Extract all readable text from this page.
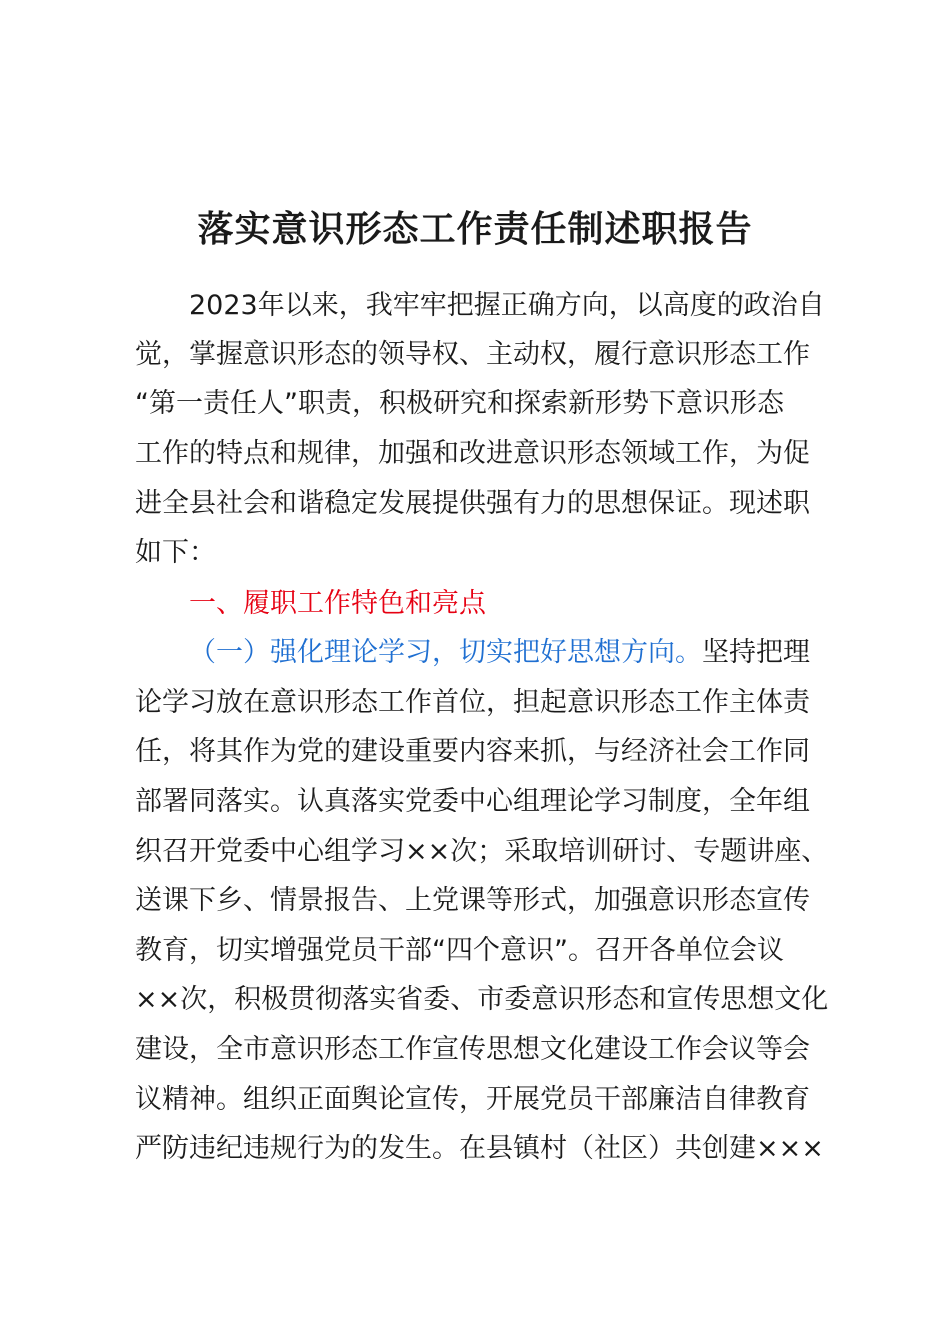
落实意识形态工作责任制述职报告
2023年以来，我牢牢把握正确方向，以高度的政治自
觉，掌握意识形态的领导权、主动权，履行意识形态工作
“第一责任人”职责，积极研究和探索新形势下意识形态
工作的特点和规律，加强和改进意识形态领域工作，为促
进全县社会和谐稳定发展提供强有力的思想保证。现述职
如下：
一、履职工作特色和亮点
（一）强化理论学习，切实把好思想方向。坚持把理
论学习放在意识形态工作首位，担起意识形态工作主体责
任，将其作为党的建设重要内容来抓，与经济社会工作同
部署同落实。认真落实党委中心组理论学习制度，全年组
织召开党委中心组学习××次；采取培训研讨、专题讲座、
送课下乡、情景报告、上党课等形式，加强意识形态宣传
教育，切实增强党员干部“四个意识”。召开各单位会议
××次，积极贯彻落实省委、市委意识形态和宣传思想文化
建设，全市意识形态工作宣传思想文化建设工作会议等会
议精神。组织正面舆论宣传，开展党员干部廉洁自律教育
严防违纪违规行为的发生。在县镇村（社区）共创建×××
